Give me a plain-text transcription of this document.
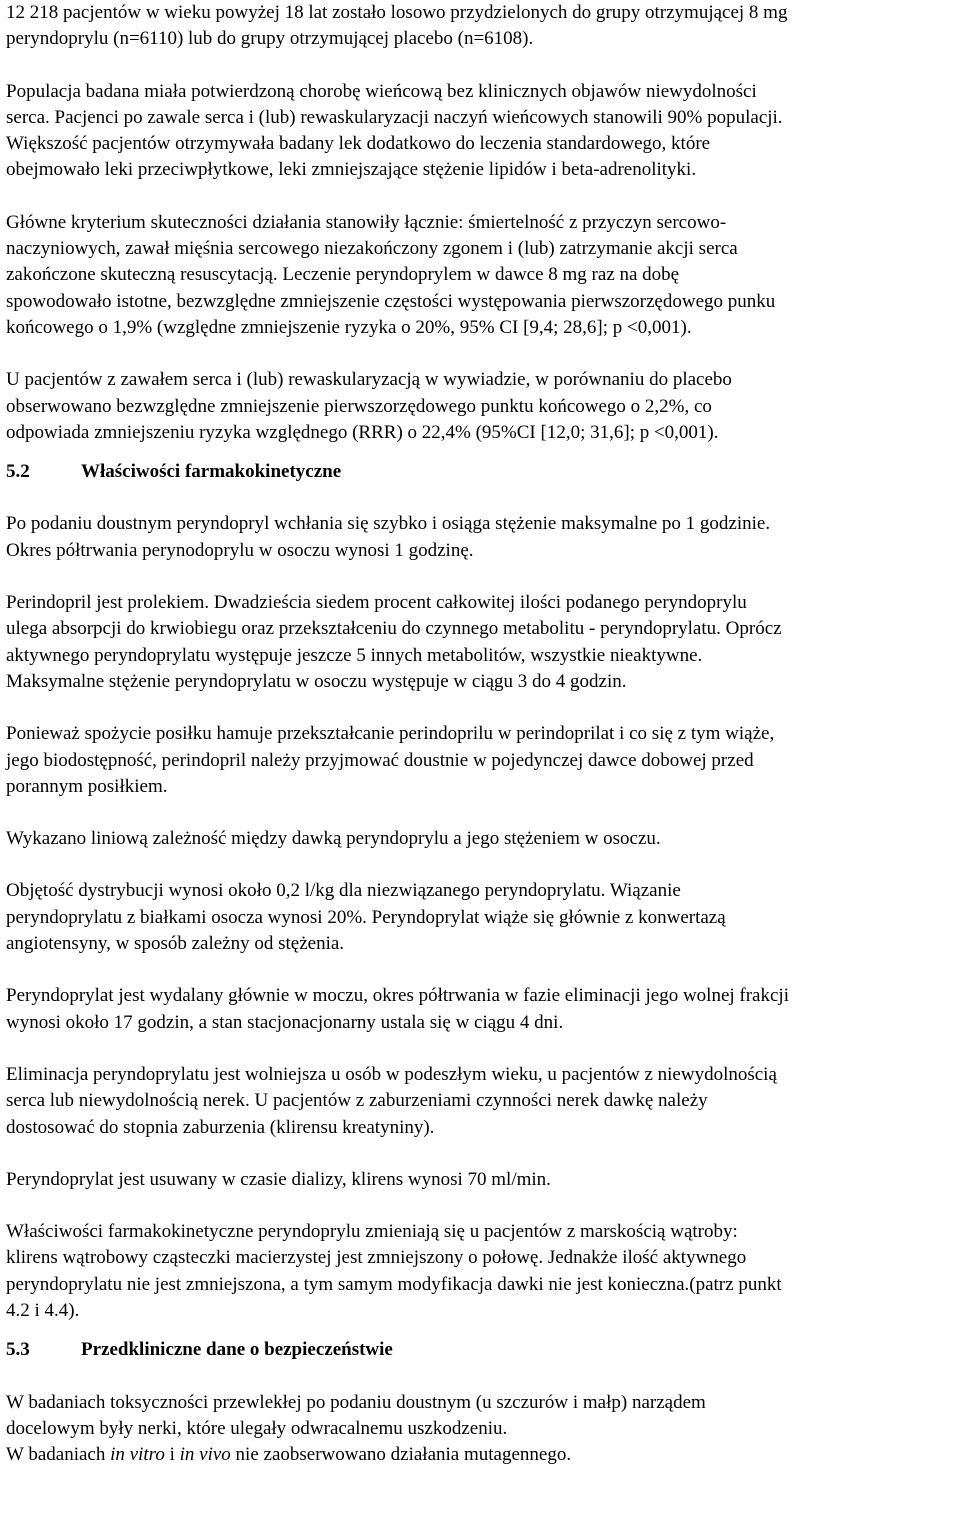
12 218 pacjentów w wieku powyżej 18 lat zostało losowo przydzielonych do grupy otrzymującej 8 mg
peryndoprylu (n=6110) lub do grupy otrzymującej placebo (n=6108).

Populacja badana miała potwierdzoną chorobę wieńcową bez klinicznych objawów niewydolności
serca. Pacjenci po zawale serca i (lub) rewaskularyzacji naczyń wieńcowych stanowili 90% populacji.
Większość pacjentów otrzymywała badany lek dodatkowo do leczenia standardowego, które
obejmowało leki przeciwpłytkowe, leki zmniejszające stężenie lipidów i beta-adrenolityki.

Główne kryterium skuteczności działania stanowiły łącznie: śmiertelność z przyczyn sercowo-
naczyniowych, zawał mięśnia sercowego niezakończony zgonem i (lub) zatrzymanie akcji serca
zakończone skuteczną resuscytacją. Leczenie peryndoprylem w dawce 8 mg raz na dobę
spowodowało istotne, bezwzględne zmniejszenie częstości występowania pierwszorzędowego punku
końcowego o 1,9% (względne zmniejszenie ryzyka o 20%, 95% CI [9,4; 28,6]; p <0,001).

U pacjentów z zawałem serca i (lub) rewaskularyzacją w wywiadzie, w porównaniu do placebo
obserwowano bezwzględne zmniejszenie pierwszorzędowego punktu końcowego o 2,2%, co
odpowiada zmniejszeniu ryzyka względnego (RRR) o 22,4% (95%CI [12,0; 31,6]; p <0,001).

5.2	Właściwości farmakokinetyczne

Po podaniu doustnym peryndopryl wchłania się szybko i osiąga stężenie maksymalne po 1 godzinie.
Okres półtrwania perynodoprylu w osoczu wynosi 1 godzinę.

Perindopril jest prolekiem. Dwadzieścia siedem procent całkowitej ilości podanego peryndoprylu
ulega absorpcji do krwiobiegu oraz przekształceniu do czynnego metabolitu - peryndoprylatu. Oprócz
aktywnego peryndoprylatu występuje jeszcze 5 innych metabolitów, wszystkie nieaktywne.
Maksymalne stężenie peryndoprylatu w osoczu występuje w ciągu 3 do 4 godzin.

Ponieważ spożycie posiłku hamuje przekształcanie perindoprilu w perindoprilat i co się z tym wiąże,
jego biodostępność, perindopril należy przyjmować doustnie w pojedynczej dawce dobowej przed
porannym posiłkiem.

Wykazano liniową zależność między dawką peryndoprylu a jego stężeniem w osoczu.

Objętość dystrybucji wynosi około 0,2 l/kg dla niezwiązanego peryndoprylatu. Wiązanie
peryndoprylatu z białkami osocza wynosi 20%. Peryndoprylat wiąże się głównie z konwertazą
angiotensyny, w sposób zależny od stężenia.

Peryndoprylat jest wydalany głównie w moczu, okres półtrwania w fazie eliminacji jego wolnej frakcji
wynosi około 17 godzin, a stan stacjonacjonarny ustala się w ciągu 4 dni.

Eliminacja peryndoprylatu jest wolniejsza u osób w podeszłym wieku, u pacjentów z niewydolnością
serca lub niewydolnością nerek. U pacjentów z zaburzeniami czynności nerek dawkę należy
dostosować do stopnia zaburzenia (klirensu kreatyniny).

Peryndoprylat jest usuwany w czasie dializy, klirens wynosi 70 ml/min.

Właściwości farmakokinetyczne peryndoprylu zmieniają się u pacjentów z marskością wątroby:
klirens wątrobowy cząsteczki macierzystej jest zmniejszony o połowę. Jednakże ilość aktywnego
peryndoprylatu nie jest zmniejszona, a tym samym modyfikacja dawki nie jest konieczna.(patrz punkt
4.2 i 4.4).

5.3	Przedkliniczne dane o bezpieczeństwie

W badaniach toksyczności przewlekłej po podaniu doustnym (u szczurów i małp) narządem
docelowym były nerki, które ulegały odwracalnemu uszkodzeniu.

W badaniach in vitro i in vivo nie zaobserwowano działania mutagennego.
